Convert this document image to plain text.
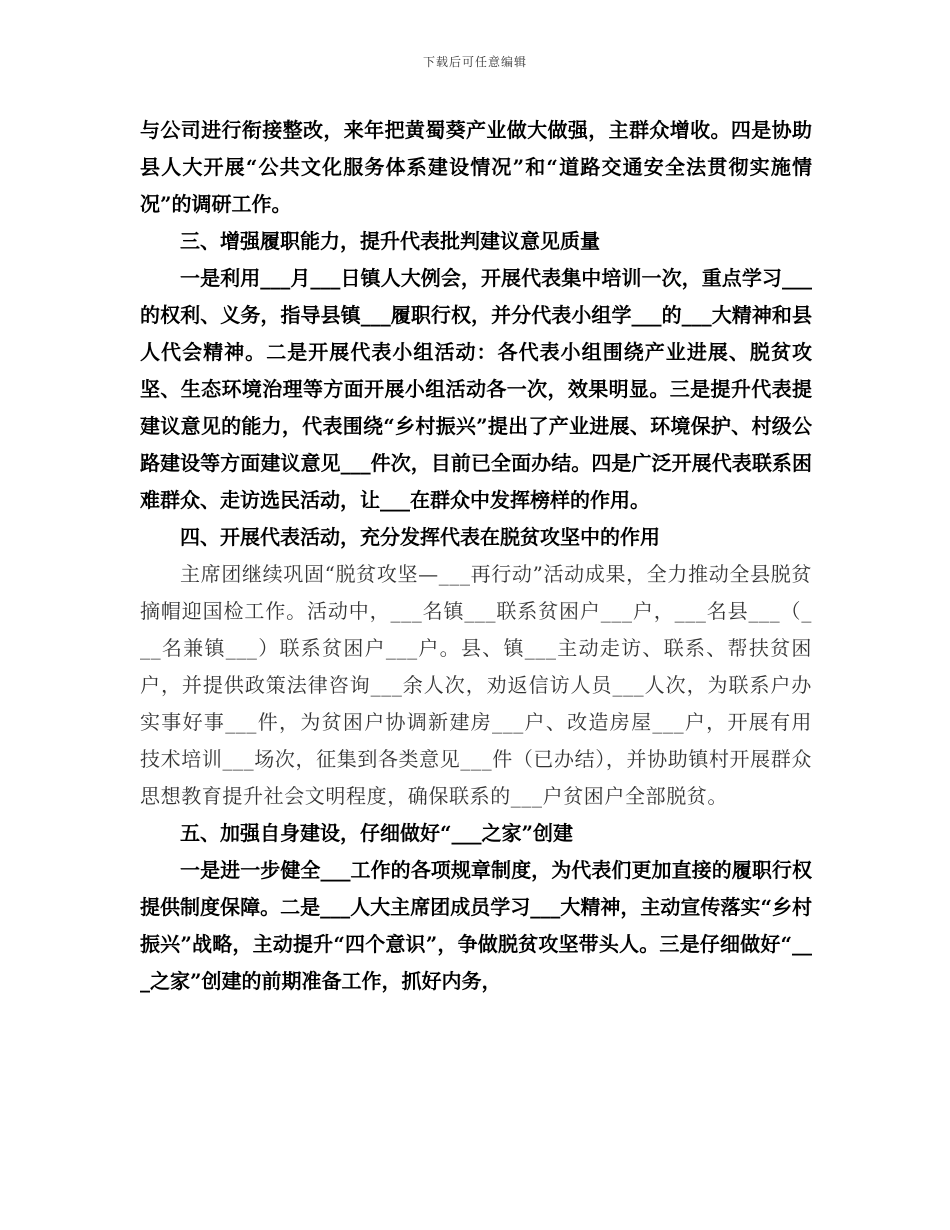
下载后可任意编辑

与公司进行衔接整改，来年把黄蜀葵产业做大做强，主群众增收。四是协助县人大开展“公共文化服务体系建设情况”和“道路交通安全法贯彻实施情况”的调研工作。

三、增强履职能力，提升代表批判建议意见质量

一是利用___月___日镇人大例会，开展代表集中培训一次，重点学习___的权利、义务，指导县镇___履职行权，并分代表小组学___的___大精神和县人代会精神。二是开展代表小组活动：各代表小组围绕产业进展、脱贫攻坚、生态环境治理等方面开展小组活动各一次，效果明显。三是提升代表提建议意见的能力，代表围绕“乡村振兴”提出了产业进展、环境保护、村级公路建设等方面建议意见___件次，目前已全面办结。四是广泛开展代表联系困难群众、走访选民活动，让___在群众中发挥榜样的作用。

四、开展代表活动，充分发挥代表在脱贫攻坚中的作用

主席团继续巩固“脱贫攻坚—___再行动”活动成果，全力推动全县脱贫摘帽迎国检工作。活动中，___名镇___联系贫困户___户，___名县___（___名兼镇___）联系贫困户___户。县、镇___主动走访、联系、帮扶贫困户，并提供政策法律咨询___余人次，劝返信访人员___人次，为联系户办实事好事___件，为贫困户协调新建房___户、改造房屋___户，开展有用技术培训___场次，征集到各类意见___件（已办结），并协助镇村开展群众思想教育提升社会文明程度，确保联系的___户贫困户全部脱贫。

五、加强自身建设，仔细做好“___之家”创建

一是进一步健全___工作的各项规章制度，为代表们更加直接的履职行权提供制度保障。二是___人大主席团成员学习___大精神，主动宣传落实“乡村振兴”战略，主动提升“四个意识”，争做脱贫攻坚带头人。三是仔细做好“___之家”创建的前期准备工作，抓好内务，
